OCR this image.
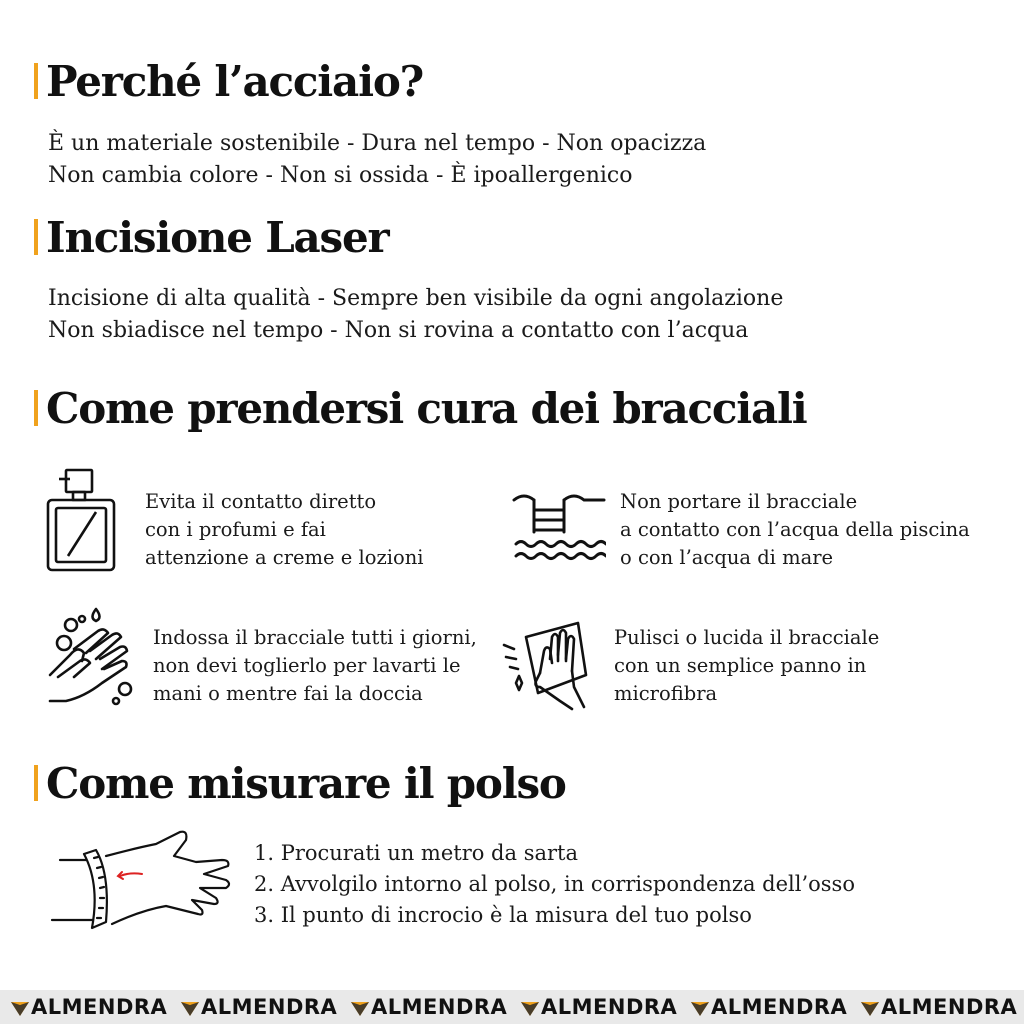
Perché l’acciaio?
È un materiale sostenibile - Dura nel tempo - Non opacizza
Non cambia colore - Non si ossida - È ipoallergenico
Incisione Laser
Incisione di alta qualità - Sempre ben visibile da ogni angolazione
Non sbiadisce nel tempo - Non si rovina a contatto con l’acqua
Come prendersi cura dei bracciali
Evita il contatto diretto
con i profumi e fai
attenzione a creme e lozioni
Non portare il bracciale
a contatto con l’acqua della piscina
o con l’acqua di mare
Indossa il bracciale tutti i giorni,
non devi toglierlo per lavarti le
mani o mentre fai la doccia
Pulisci o lucida il bracciale
con un semplice panno in
microfibra
Come misurare il polso
1. Procurati un metro da sarta
2. Avvolgilo intorno al polso, in corrispondenza dell’osso
3. Il punto di incrocio è la misura del tuo polso
ALMENDRA	ALMENDRA	ALMENDRA	ALMENDRA	ALMENDRA	ALMENDRA
